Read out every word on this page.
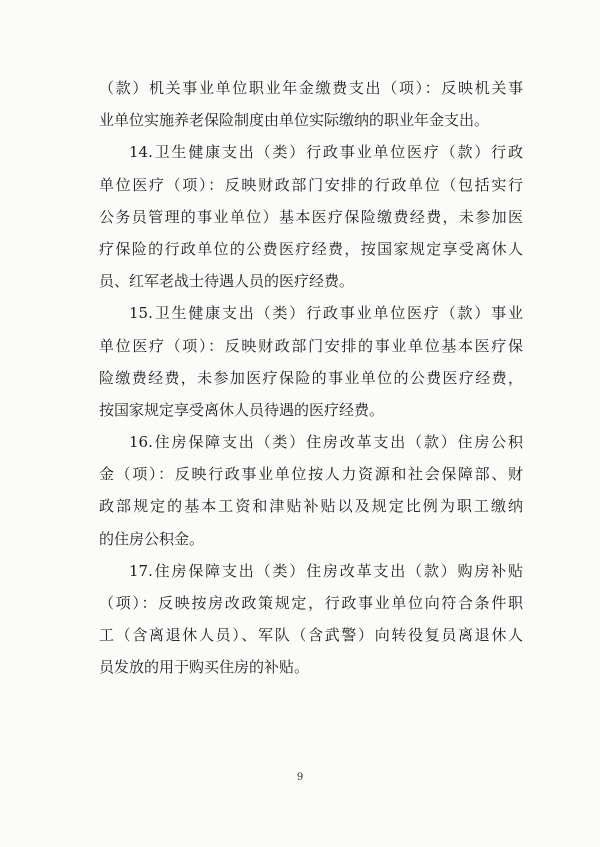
（款）机关事业单位职业年金缴费支出（项）：反映机关事
业单位实施养老保险制度由单位实际缴纳的职业年金支出。
14.卫生健康支出（类）行政事业单位医疗（款）行政
单位医疗（项）：反映财政部门安排的行政单位（包括实行
公务员管理的事业单位）基本医疗保险缴费经费，未参加医
疗保险的行政单位的公费医疗经费，按国家规定享受离休人
员、红军老战士待遇人员的医疗经费。
15.卫生健康支出（类）行政事业单位医疗（款）事业
单位医疗（项）：反映财政部门安排的事业单位基本医疗保
险缴费经费，未参加医疗保险的事业单位的公费医疗经费，
按国家规定享受离休人员待遇的医疗经费。
16.住房保障支出（类）住房改革支出（款）住房公积
金（项）：反映行政事业单位按人力资源和社会保障部、财
政部规定的基本工资和津贴补贴以及规定比例为职工缴纳
的住房公积金。
17.住房保障支出（类）住房改革支出（款）购房补贴
（项）：反映按房改政策规定，行政事业单位向符合条件职
工（含离退休人员）、军队（含武警）向转役复员离退休人
员发放的用于购买住房的补贴。
9
